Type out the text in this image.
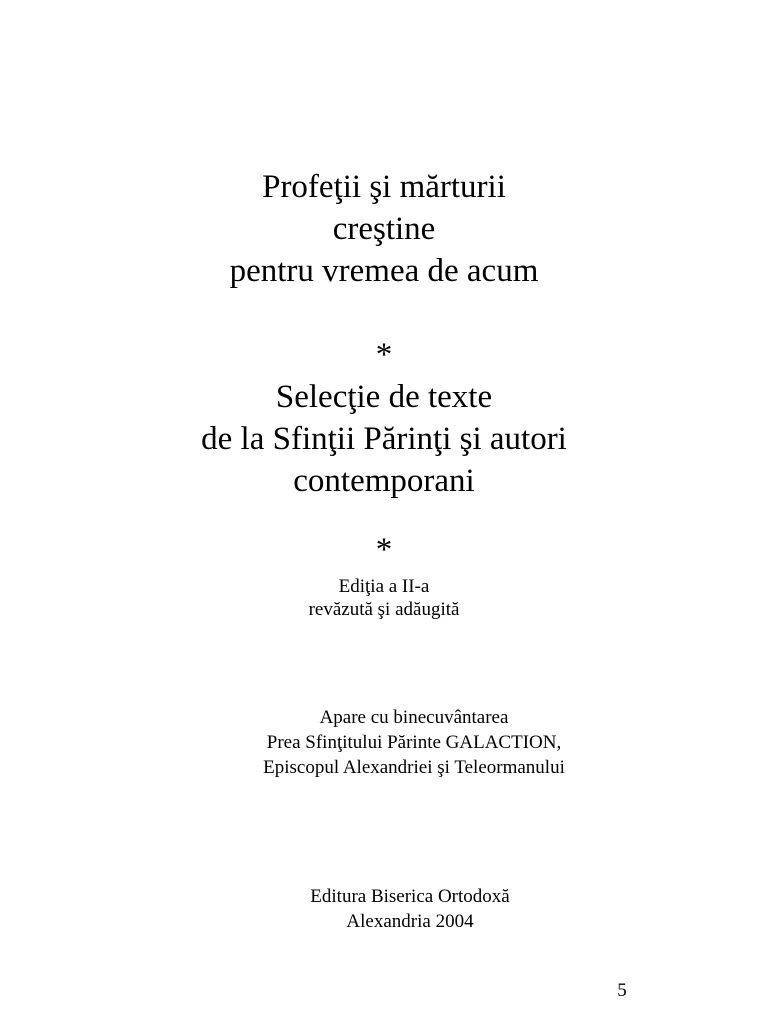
Profeţii şi mărturii
creştine
pentru vremea de acum
*
Selecţie de texte
de la Sfinţii Părinţi şi autori
contemporani
*
Ediţia a II-a
revăzută şi adăugită
Apare cu binecuvântarea
Prea Sfinţitului Părinte GALACTION,
Episcopul Alexandriei şi Teleormanului
Editura Biserica Ortodoxă
Alexandria 2004
5
